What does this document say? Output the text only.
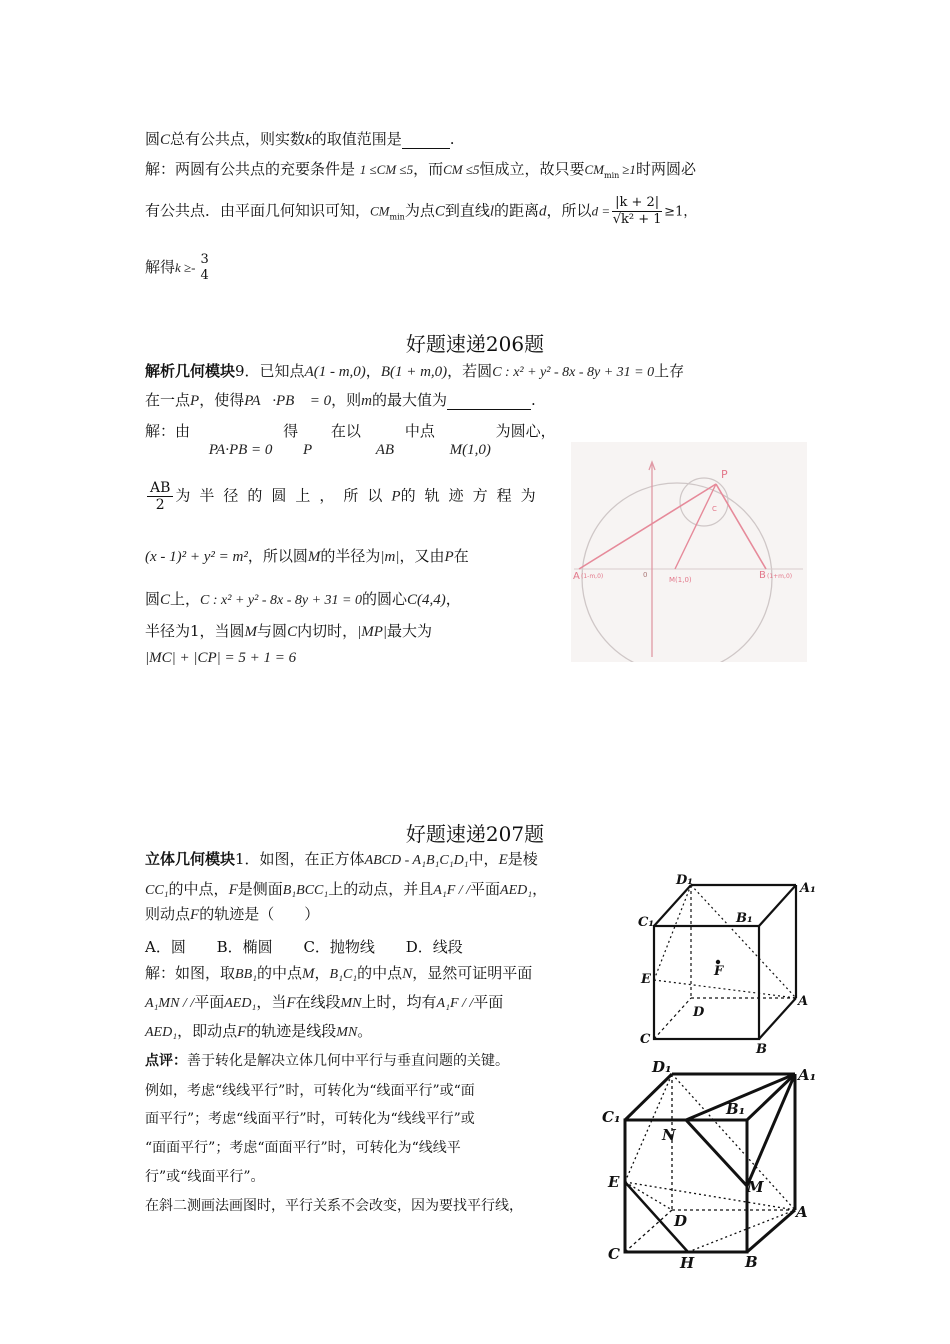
圆C总有公共点，则实数k的取值范围是	.
解：两圆有公共点的充要条件是 1 ≤CM ≤5，而CM ≤5恒成立，故只要$CM_{min} \ge 1$时两圆必
有公共点．由平面几何知识可知，$CM_{min}$为点C到直线l的距离d，所以$d = \frac{|k + 2|}{\text{√k² + 1}} \ge 1$，
解得k ≥-
3
4
好题速递206题
解析几何模块9．已知点A(1 - m,0)，B(1 + m,0)，若圆C : x² + y² - 8x - 8y + 31 = 0上存
在一点P，使得PA⃗·PB⃗ = 0，则m的最大值为	.
解：由 PA·PB = 0 得 P 在以 AB 中点 M(1,0) 为圆心，
$\frac{AB}{2}$ 为半径的圆上，所以P的轨迹方程为
(x - 1)² + y² = m²，所以圆M的半径为|m|，又由P在
圆C上，C : x² + y² - 8x - 8y + 31 = 0的圆心C(4,4)，
半径为1，当圆M与圆C内切时，|MP|最大为
|MC| + |CP| = 5 + 1 = 6
A (1-m,0)	0
M(1,0)	B (1+m,0)
P
C
好题速递207题
立体几何模块1．如图，在正方体ABCD - A₁B₁C₁D₁中，E是棱
CC₁的中点，F是侧面B₁BCC₁上的动点，并且A₁F / /平面AED₁，
则动点F的轨迹是（　　）
A．圆 B．椭圆 C．抛物线 D．线段
解：如图，取BB₁的中点M，B₁C₁的中点N，显然可证明平面
A₁MN / /平面AED₁，当F在线段MN上时，均有A₁F / /平面
AED₁，即动点F的轨迹是线段MN。
点评：善于转化是解决立体几何中平行与垂直问题的关键。
例如，考虑“线线平行”时，可转化为“线面平行”或“面
面平行”；考虑“线面平行”时，可转化为“线线平行”或
“面面平行”；考虑“面面平行”时，可转化为“线线平
行”或“线面平行”。
在斜二测画法画图时，平行关系不会改变，因为要找平行线，
D₁
A₁
C₁	B₁
E
F
D
A
C
B
D₁	A₁
C₁	B₁
N
E	M
D	A
C	H	B
